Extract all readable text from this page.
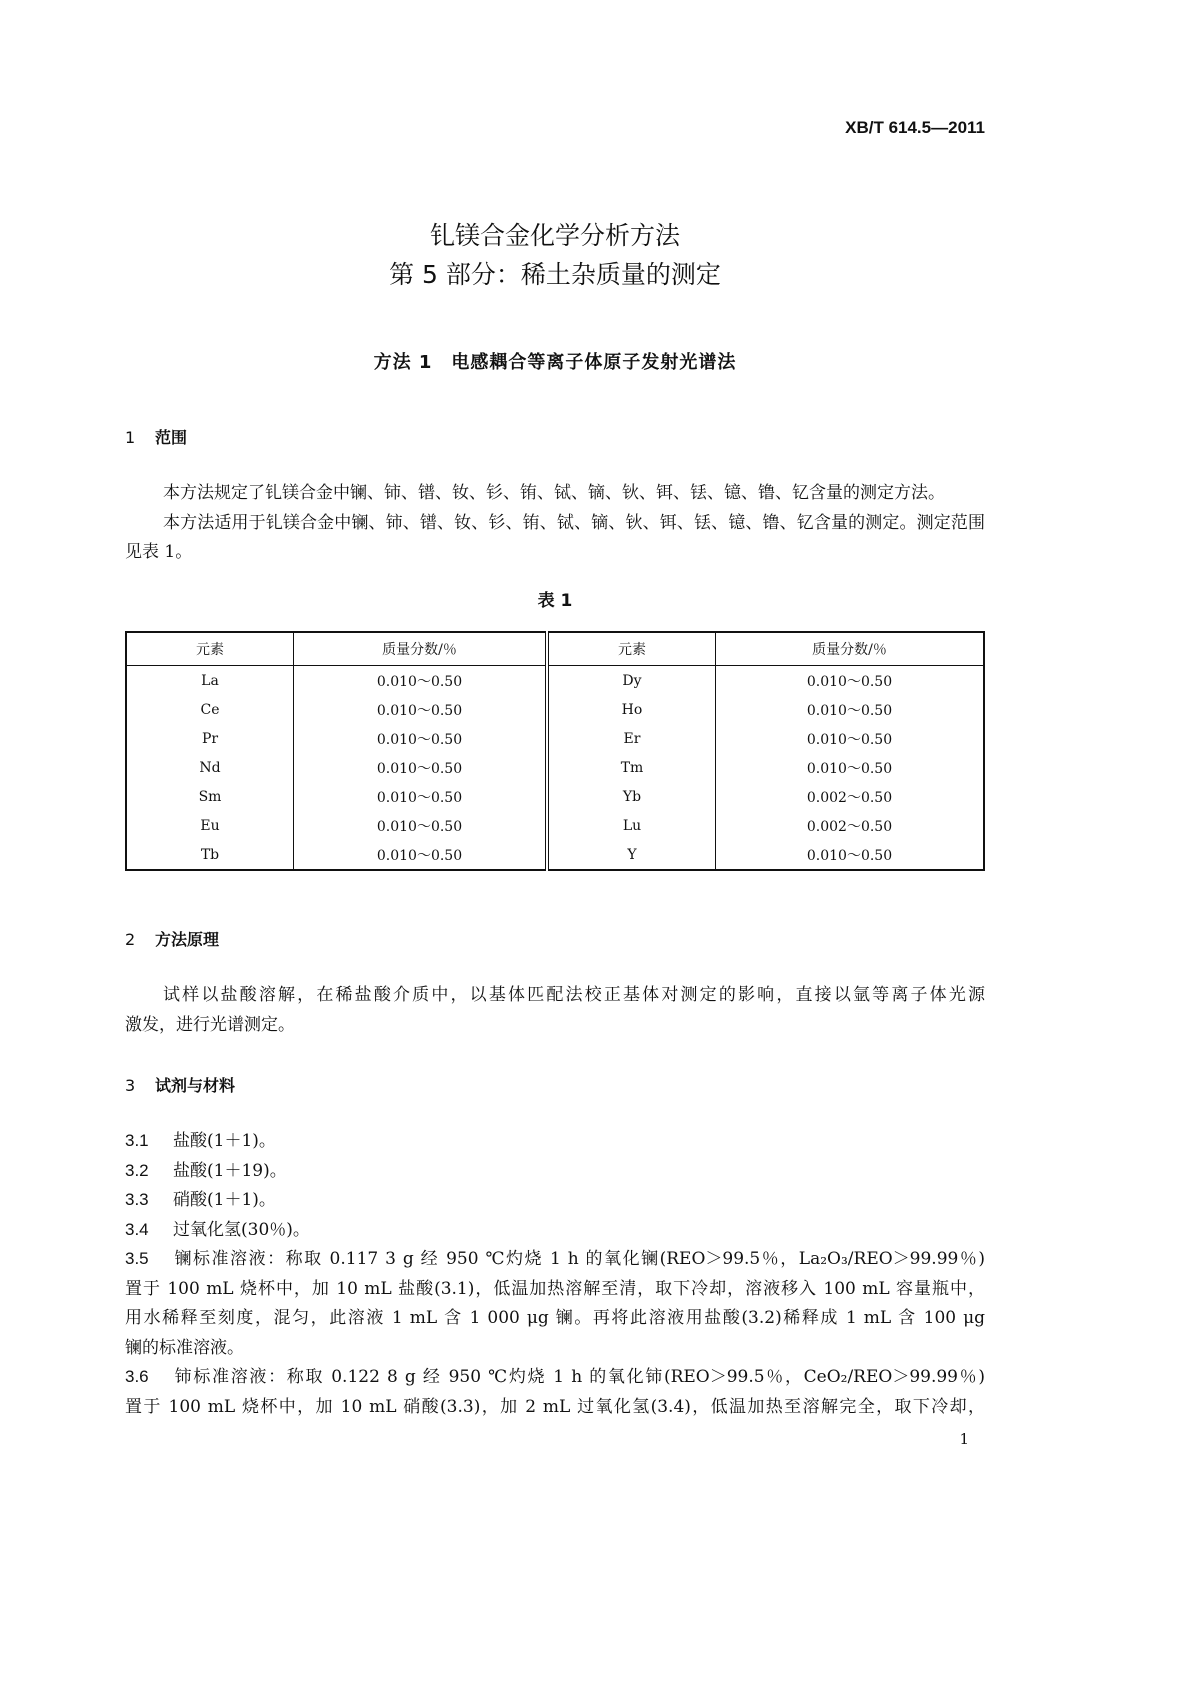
XB/T 614.5—2011
钆镁合金化学分析方法
第 5 部分：稀土杂质量的测定
方法 1　电感耦合等离子体原子发射光谱法
1 范围
本方法规定了钆镁合金中镧、铈、镨、钕、钐、铕、铽、镝、钬、铒、铥、镱、镥、钇含量的测定方法。
本方法适用于钆镁合金中镧、铈、镨、钕、钐、铕、铽、镝、钬、铒、铥、镱、镥、钇含量的测定。测定范围
见表 1。
表 1
元素	质量分数/％	元素	质量分数/％
La	0.010～0.50	Dy	0.010～0.50
Ce	0.010～0.50	Ho	0.010～0.50
Pr	0.010～0.50	Er	0.010～0.50
Nd	0.010～0.50	Tm	0.010～0.50
Sm	0.010～0.50	Yb	0.002～0.50
Eu	0.010～0.50	Lu	0.002～0.50
Tb	0.010～0.50	Y	0.010～0.50
2 方法原理
试样以盐酸溶解，在稀盐酸介质中，以基体匹配法校正基体对测定的影响，直接以氩等离子体光源
激发，进行光谱测定。
3 试剂与材料
3.1 盐酸(1＋1)。
3.2 盐酸(1＋19)。
3.3 硝酸(1＋1)。
3.4 过氧化氢(30％)。
3.5 镧标准溶液：称取 0.117 3 g 经 950 ℃灼烧 1 h 的氧化镧(REO＞99.5％，La₂O₃/REO＞99.99％)
置于 100 mL 烧杯中，加 10 mL 盐酸(3.1)，低温加热溶解至清，取下冷却，溶液移入 100 mL 容量瓶中，
用水稀释至刻度，混匀，此溶液 1 mL 含 1 000 μg 镧。再将此溶液用盐酸(3.2)稀释成 1 mL 含 100 μg
镧的标准溶液。
3.6 铈标准溶液：称取 0.122 8 g 经 950 ℃灼烧 1 h 的氧化铈(REO＞99.5％，CeO₂/REO＞99.99％)
置于 100 mL 烧杯中，加 10 mL 硝酸(3.3)，加 2 mL 过氧化氢(3.4)，低温加热至溶解完全，取下冷却，
1
